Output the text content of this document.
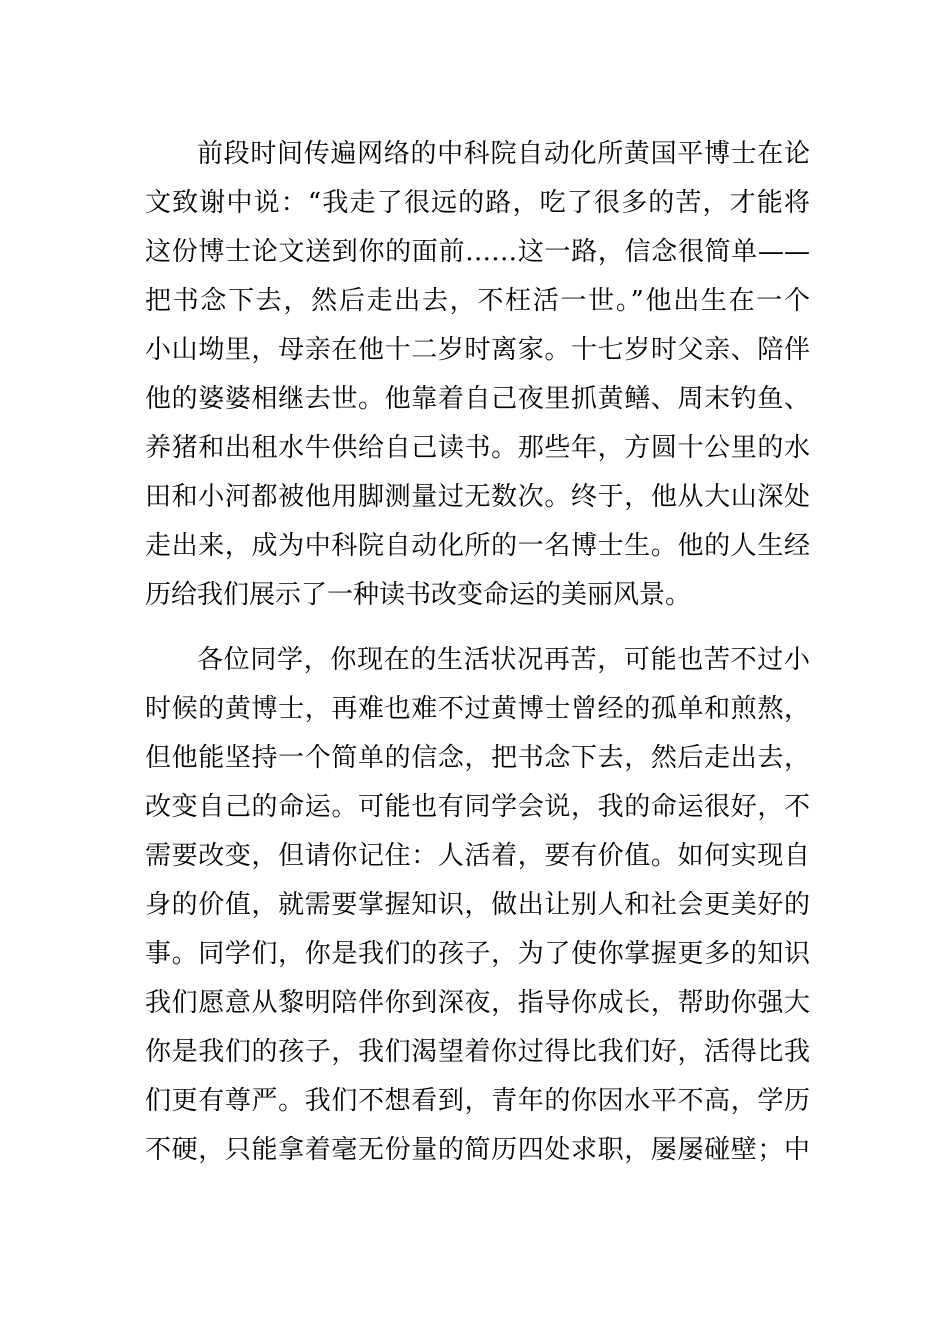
前段时间传遍网络的中科院自动化所黄国平博士在论
文致谢中说：“我走了很远的路，吃了很多的苦，才能将
这份博士论文送到你的面前……这一路，信念很简单——
把书念下去，然后走出去，不枉活一世。”他出生在一个
小山坳里，母亲在他十二岁时离家。十七岁时父亲、陪伴
他的婆婆相继去世。他靠着自己夜里抓黄鳝、周末钓鱼、
养猪和出租水牛供给自己读书。那些年，方圆十公里的水
田和小河都被他用脚测量过无数次。终于，他从大山深处
走出来，成为中科院自动化所的一名博士生。他的人生经
历给我们展示了一种读书改变命运的美丽风景。
各位同学，你现在的生活状况再苦，可能也苦不过小
时候的黄博士，再难也难不过黄博士曾经的孤单和煎熬，
但他能坚持一个简单的信念，把书念下去，然后走出去，
改变自己的命运。可能也有同学会说，我的命运很好，不
需要改变，但请你记住：人活着，要有价值。如何实现自
身的价值，就需要掌握知识，做出让别人和社会更美好的
事。同学们，你是我们的孩子，为了使你掌握更多的知识
我们愿意从黎明陪伴你到深夜，指导你成长，帮助你强大
你是我们的孩子，我们渴望着你过得比我们好，活得比我
们更有尊严。我们不想看到，青年的你因水平不高，学历
不硬，只能拿着毫无份量的简历四处求职，屡屡碰壁；中
